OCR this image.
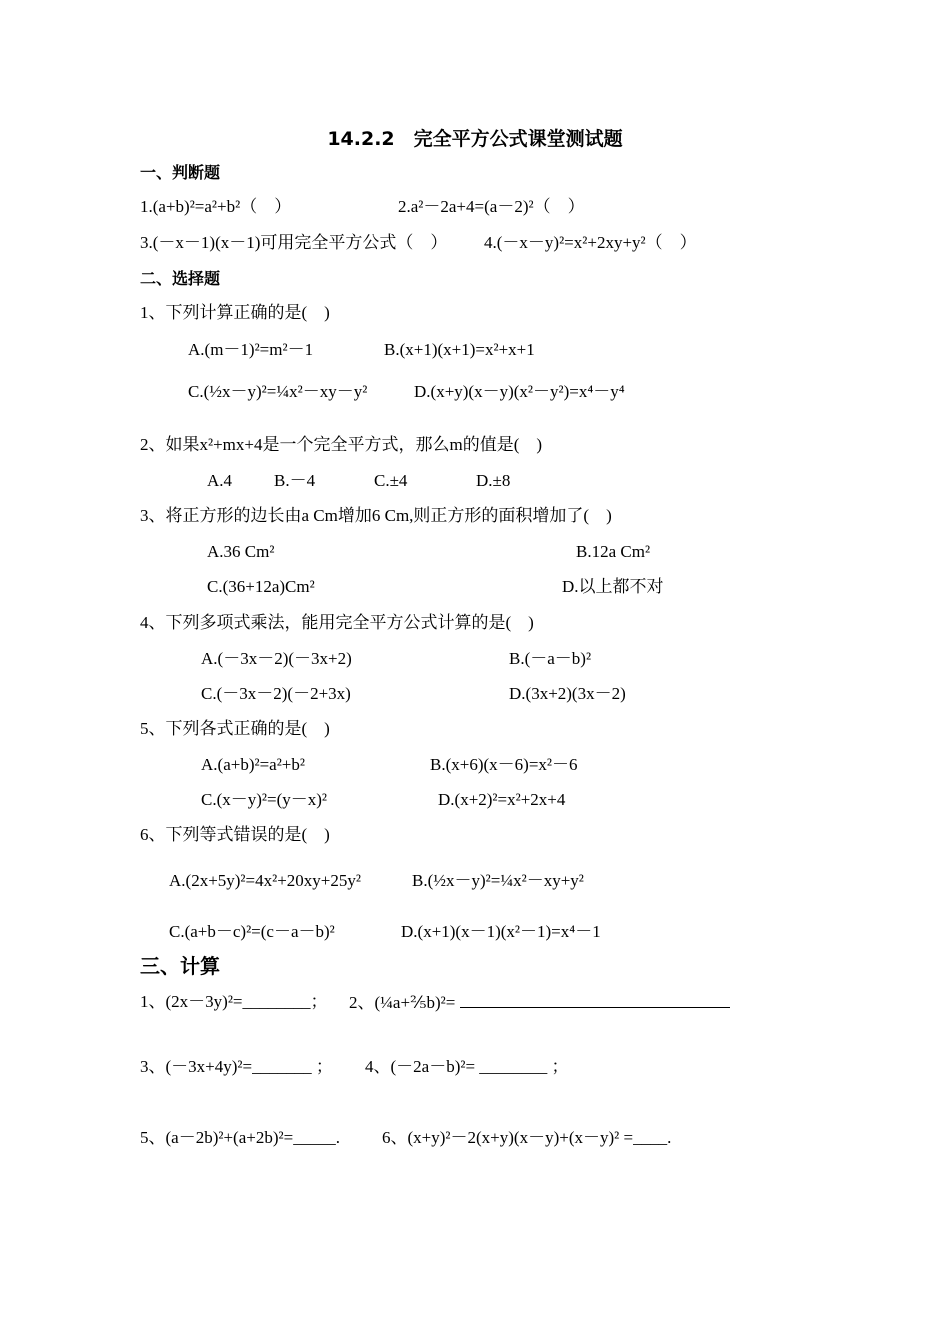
14.2.2　完全平方公式课堂测试题
一、判断题
1.(a+b)²=a²+b²（　）	2.a²－2a+4=(a－2)²（　）
3.(－x－1)(x－1)可用完全平方公式（　） 4.(－x－y)²=x²+2xy+y²（　）
二、选择题
1、下列计算正确的是(　)
A.(m－1)²=m²－1	B.(x+1)(x+1)=x²+x+1
C.(½x－y)²=¼x²－xy－y²	D.(x+y)(x－y)(x²－y²)=x⁴－y⁴
2、如果x²+mx+4是一个完全平方式，那么m的值是(　)
A.4 B.－4	C.±4	D.±8
3、将正方形的边长由a Cm增加6 Cm,则正方形的面积增加了(　)
A.36 Cm²	B.12a Cm²
C.(36+12a)Cm²	D.以上都不对
4、下列多项式乘法，能用完全平方公式计算的是(　)
A.(－3x－2)(－3x+2)	B.(－a－b)²
C.(－3x－2)(－2+3x)	D.(3x+2)(3x－2)
5、下列各式正确的是(　)
A.(a+b)²=a²+b²	B.(x+6)(x－6)=x²－6
C.(x－y)²=(y－x)²	D.(x+2)²=x²+2x+4
6、下列等式错误的是(　)
A.(2x+5y)²=4x²+20xy+25y²	B.(½x－y)²=¼x²－xy+y²
C.(a+b－c)²=(c－a－b)²	D.(x+1)(x－1)(x²－1)=x⁴－1
三、计算
1、(2x－3y)²=________； 2、(¼a+⅖b)²=
3、(－3x+4y)²=_______ ； 4、(－2a－b)²= ________ ；
5、(a－2b)²+(a+2b)²=_____. 6、(x+y)²－2(x+y)(x－y)+(x－y)² =____.
